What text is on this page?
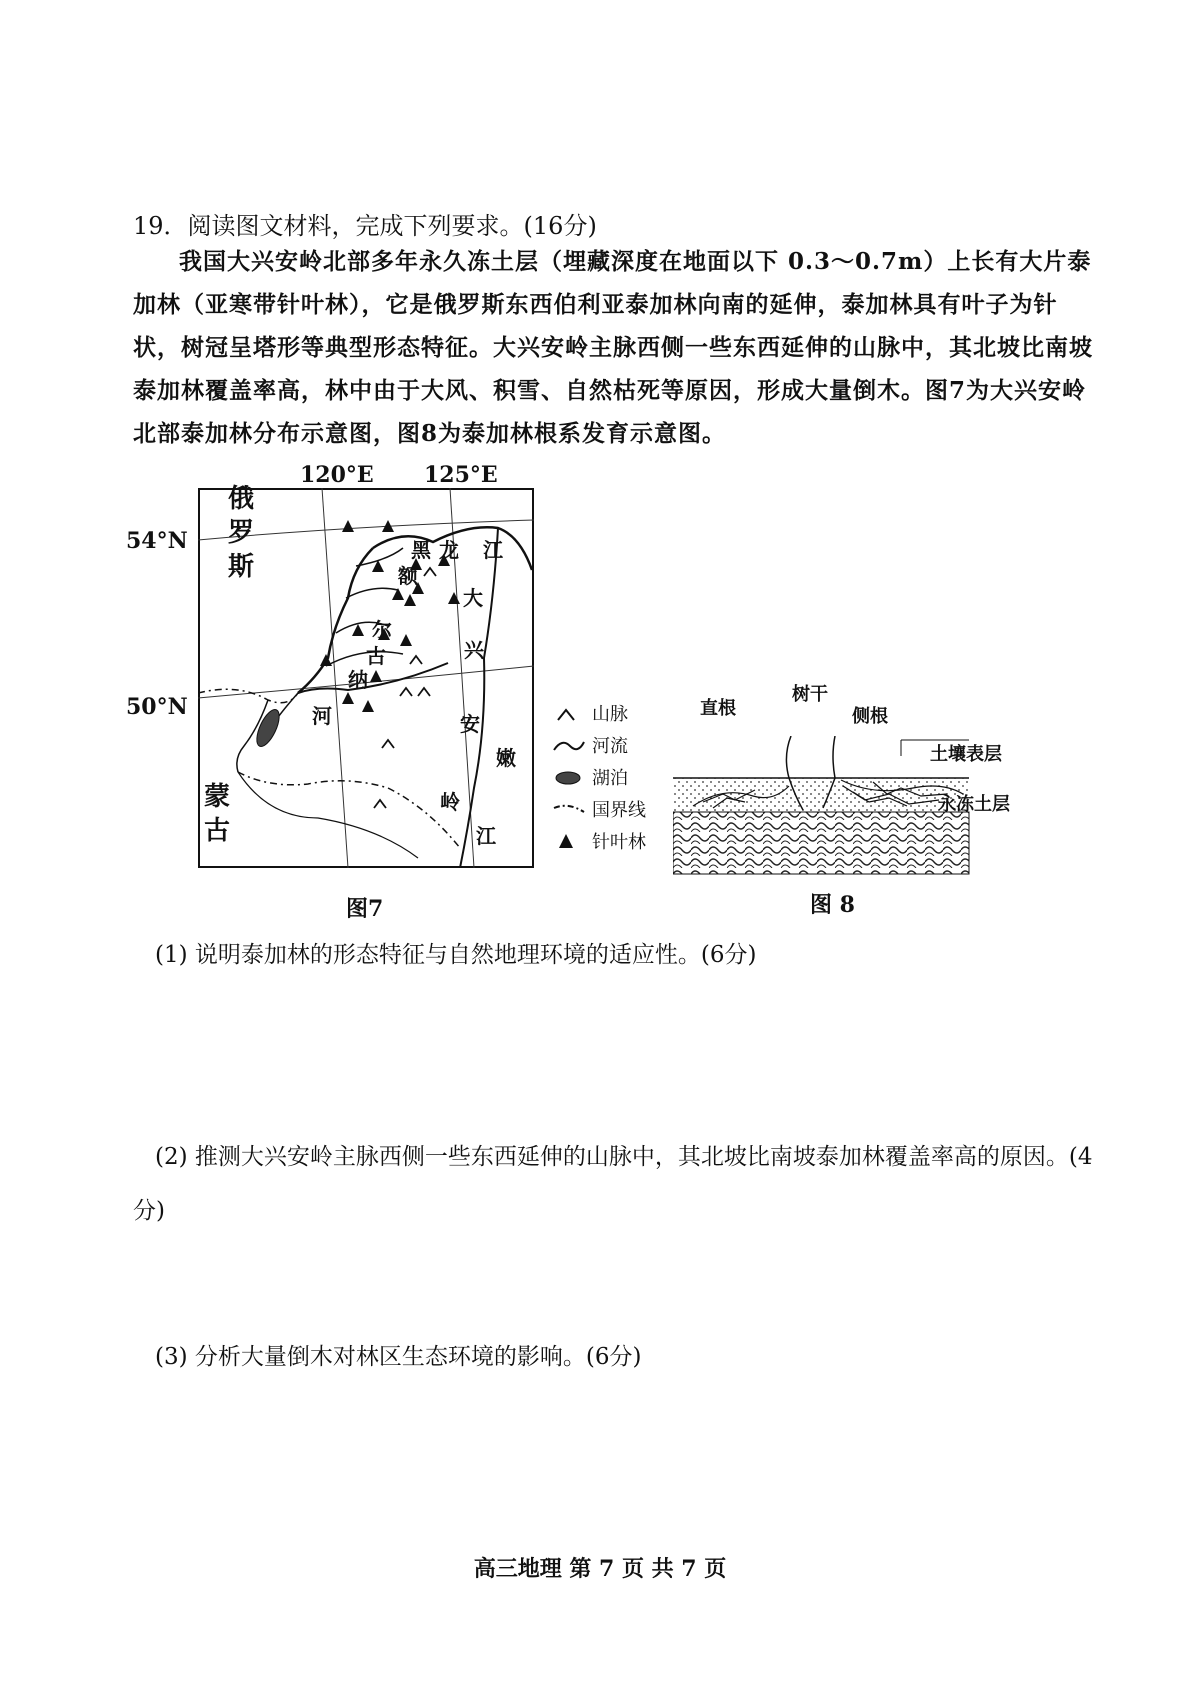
19．阅读图文材料，完成下列要求。(16分)
我国大兴安岭北部多年永久冻土层（埋藏深度在地面以下 0.3～0.7m）上长有大片泰加林（亚寒带针叶林），它是俄罗斯东西伯利亚泰加林向南的延伸，泰加林具有叶子为针状，树冠呈塔形等典型形态特征。大兴安岭主脉西侧一些东西延伸的山脉中，其北坡比南坡泰加林覆盖率高，林中由于大风、积雪、自然枯死等原因，形成大量倒木。图7为大兴安岭北部泰加林分布示意图，图8为泰加林根系发育示意图。
120°E 125°E
54°N
50°N
俄
罗
斯
蒙
古
黑 龙 江
额
尔
古
纳
河
大
兴
安
岭
嫩
江
山脉
河流
湖泊
国界线
针叶林
图7
直根
树干
侧根
土壤表层
永冻土层
图 8
(1) 说明泰加林的形态特征与自然地理环境的适应性。(6分)
(2) 推测大兴安岭主脉西侧一些东西延伸的山脉中，其北坡比南坡泰加林覆盖率高的原因。(4分)
(3) 分析大量倒木对林区生态环境的影响。(6分)
高三地理 第 7 页 共 7 页
